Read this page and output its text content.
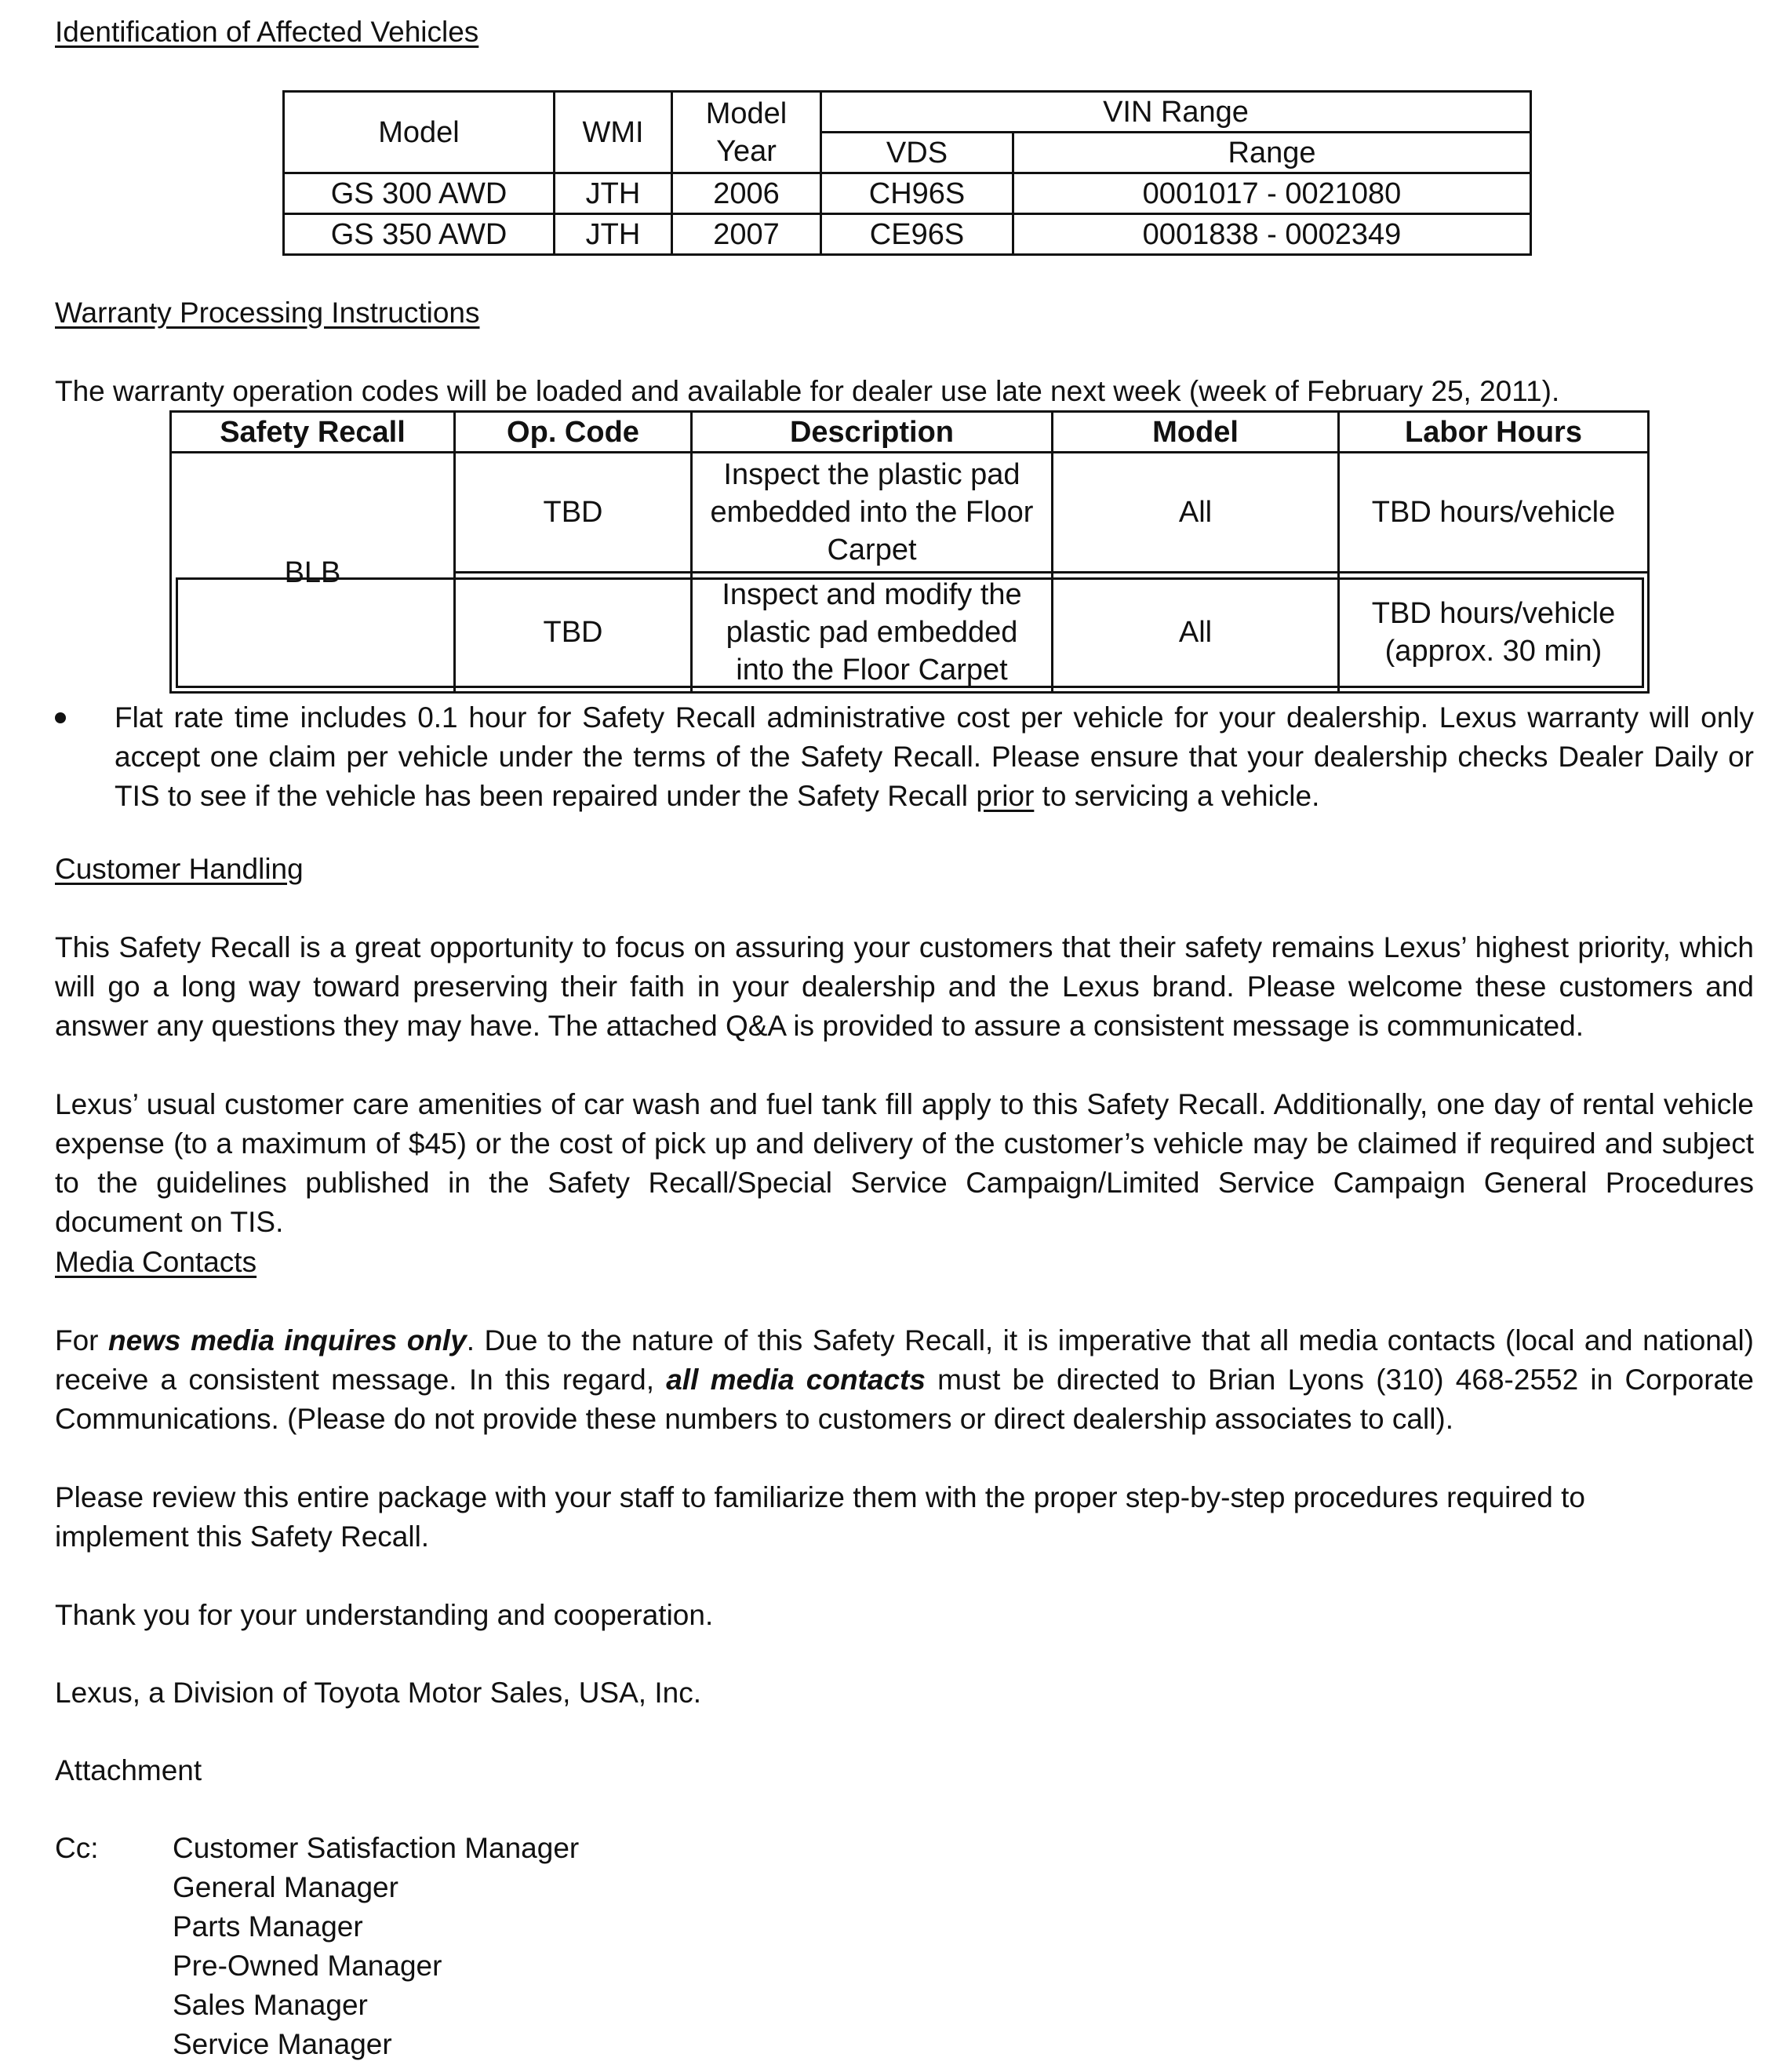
Identification of Affected Vehicles
Model	WMI	Model Year	VIN Range	
			VDS	Range
GS 300 AWD	JTH	2006	CH96S	0001017 - 0021080
GS 350 AWD	JTH	2007	CE96S	0001838 - 0002349
Warranty Processing Instructions
The warranty operation codes will be loaded and available for dealer use late next week (week of February 25, 2011).
Safety Recall	Op. Code	Description	Model	Labor Hours
BLB	TBD	Inspect the plastic pad embedded into the Floor Carpet	All	TBD hours/vehicle
	TBD	Inspect and modify the plastic pad embedded into the Floor Carpet	All	TBD hours/vehicle (approx. 30 min)
Flat rate time includes 0.1 hour for Safety Recall administrative cost per vehicle for your dealership. Lexus warranty will only accept one claim per vehicle under the terms of the Safety Recall. Please ensure that your dealership checks Dealer Daily or TIS to see if the vehicle has been repaired under the Safety Recall prior to servicing a vehicle.
Customer Handling
This Safety Recall is a great opportunity to focus on assuring your customers that their safety remains Lexus’ highest priority, which will go a long way toward preserving their faith in your dealership and the Lexus brand. Please welcome these customers and answer any questions they may have. The attached Q&A is provided to assure a consistent message is communicated.
Lexus’ usual customer care amenities of car wash and fuel tank fill apply to this Safety Recall. Additionally, one day of rental vehicle expense (to a maximum of $45) or the cost of pick up and delivery of the customer’s vehicle may be claimed if required and subject to the guidelines published in the Safety Recall/Special Service Campaign/Limited Service Campaign General Procedures document on TIS.
Media Contacts
For news media inquires only. Due to the nature of this Safety Recall, it is imperative that all media contacts (local and national) receive a consistent message. In this regard, all media contacts must be directed to Brian Lyons (310) 468-2552 in Corporate Communications. (Please do not provide these numbers to customers or direct dealership associates to call).
Please review this entire package with your staff to familiarize them with the proper step-by-step procedures required to implement this Safety Recall.
Thank you for your understanding and cooperation.
Lexus, a Division of Toyota Motor Sales, USA, Inc.
Attachment
Cc:	Customer Satisfaction Manager
General Manager
Parts Manager
Pre-Owned Manager
Sales Manager
Service Manager
